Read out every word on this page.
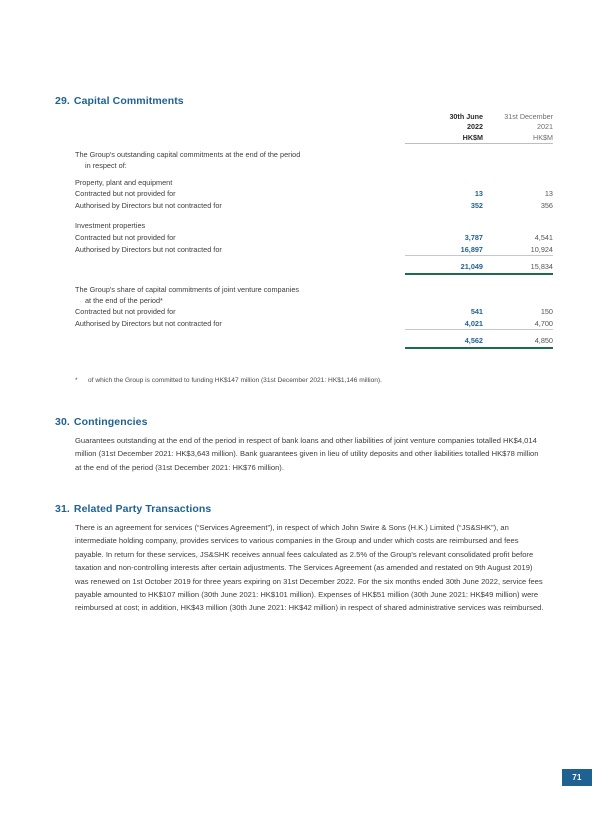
29. Capital Commitments
	30th June	31st December
	2022	2021
	HK$M	HK$M

The Group's outstanding capital commitments at the end of the period
in respect of:		

Property, plant and equipment		
Contracted but not provided for	13	13
Authorised by Directors but not contracted for	352	356

Investment properties		
Contracted but not provided for	3,787	4,541
Authorised by Directors but not contracted for	16,897	10,924

	21,049	15,834

The Group's share of capital commitments of joint venture companies
at the end of the period*		

Contracted but not provided for	541	150
Authorised by Directors but not contracted for	4,021	4,700

	4,562	4,850
*	of which the Group is committed to funding HK$147 million (31st December 2021: HK$1,146 million).
30. Contingencies
Guarantees outstanding at the end of the period in respect of bank loans and other liabilities of joint venture companies totalled HK$4,014 million (31st December 2021: HK$3,643 million). Bank guarantees given in lieu of utility deposits and other liabilities totalled HK$78 million at the end of the period (31st December 2021: HK$76 million).
31. Related Party Transactions
There is an agreement for services (“Services Agreement”), in respect of which John Swire & Sons (H.K.) Limited (“JS&SHK”), an intermediate holding company, provides services to various companies in the Group and under which costs are reimbursed and fees payable. In return for these services, JS&SHK receives annual fees calculated as 2.5% of the Group's relevant consolidated profit before taxation and non-controlling interests after certain adjustments. The Services Agreement (as amended and restated on 9th August 2019) was renewed on 1st October 2019 for three years expiring on 31st December 2022. For the six months ended 30th June 2022, service fees payable amounted to HK$107 million (30th June 2021: HK$101 million). Expenses of HK$51 million (30th June 2021: HK$49 million) were reimbursed at cost; in addition, HK$43 million (30th June 2021: HK$42 million) in respect of shared administrative services was reimbursed.
71
